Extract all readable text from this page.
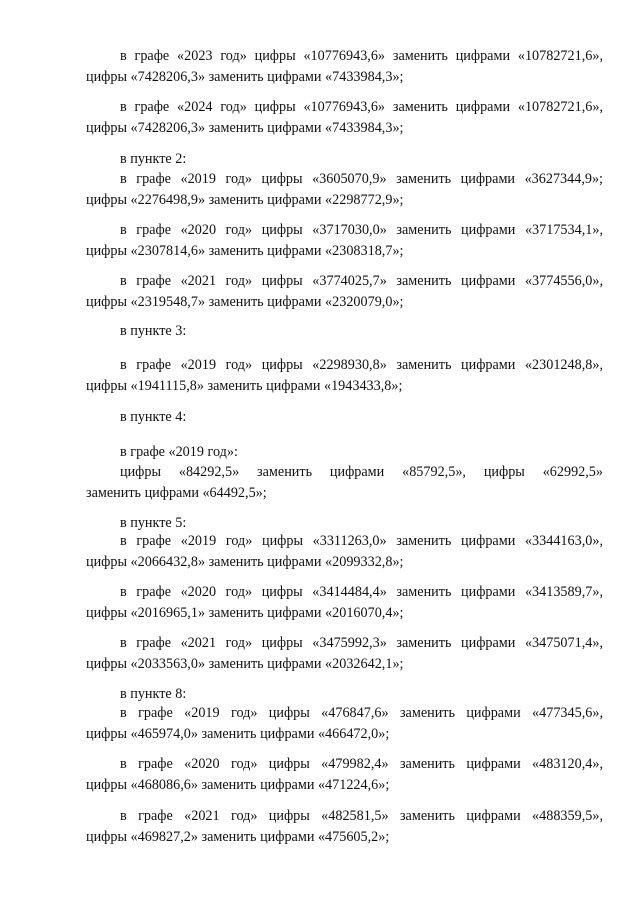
в графе «2023 год» цифры «10776943,6» заменить цифрами «10782721,6»,
цифры «7428206,3» заменить цифрами «7433984,3»;
в графе «2024 год» цифры «10776943,6» заменить цифрами «10782721,6»,
цифры «7428206,3» заменить цифрами «7433984,3»;
в пункте 2:
в графе «2019 год» цифры «3605070,9» заменить цифрами «3627344,9»;
цифры «2276498,9» заменить цифрами «2298772,9»;
в графе «2020 год» цифры «3717030,0» заменить цифрами «3717534,1»,
цифры «2307814,6» заменить цифрами «2308318,7»;
в графе «2021 год» цифры «3774025,7» заменить цифрами «3774556,0»,
цифры «2319548,7» заменить цифрами «2320079,0»;
в пункте 3:
в графе «2019 год» цифры «2298930,8» заменить цифрами «2301248,8»,
цифры «1941115,8» заменить цифрами «1943433,8»;
в пункте 4:
в графе «2019 год»:
цифры «84292,5» заменить цифрами «85792,5», цифры «62992,5»
заменить цифрами «64492,5»;
в пункте 5:
в графе «2019 год» цифры «3311263,0» заменить цифрами «3344163,0»,
цифры «2066432,8» заменить цифрами «2099332,8»;
в графе «2020 год» цифры «3414484,4» заменить цифрами «3413589,7»,
цифры «2016965,1» заменить цифрами «2016070,4»;
в графе «2021 год» цифры «3475992,3» заменить цифрами «3475071,4»,
цифры «2033563,0» заменить цифрами «2032642,1»;
в пункте 8:
в графе «2019 год» цифры «476847,6» заменить цифрами «477345,6»,
цифры «465974,0» заменить цифрами «466472,0»;
в графе «2020 год» цифры «479982,4» заменить цифрами «483120,4»,
цифры «468086,6» заменить цифрами «471224,6»;
в графе «2021 год» цифры «482581,5» заменить цифрами «488359,5»,
цифры «469827,2» заменить цифрами «475605,2»;
